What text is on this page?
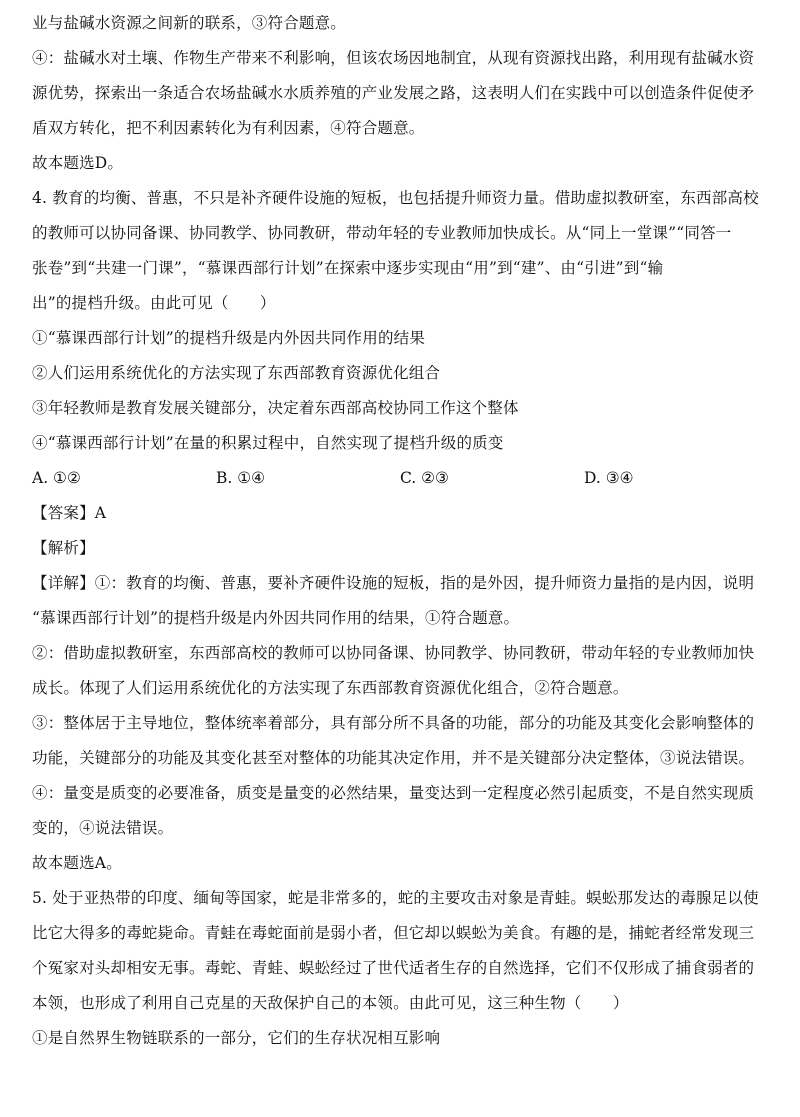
业与盐碱水资源之间新的联系，③符合题意。
④：盐碱水对土壤、作物生产带来不利影响，但该农场因地制宜，从现有资源找出路，利用现有盐碱水资
源优势，探索出一条适合农场盐碱水水质养殖的产业发展之路，这表明人们在实践中可以创造条件促使矛
盾双方转化，把不利因素转化为有利因素，④符合题意。
故本题选D。
4. 教育的均衡、普惠，不只是补齐硬件设施的短板，也包括提升师资力量。借助虚拟教研室，东西部高校
的教师可以协同备课、协同教学、协同教研，带动年轻的专业教师加快成长。从“同上一堂课”“同答一
张卷”到“共建一门课”，“慕课西部行计划”在探索中逐步实现由“用”到“建”、由“引进”到“输
出”的提档升级。由此可见（　　）
①“慕课西部行计划”的提档升级是内外因共同作用的结果
②人们运用系统优化的方法实现了东西部教育资源优化组合
③年轻教师是教育发展关键部分，决定着东西部高校协同工作这个整体
④“慕课西部行计划”在量的积累过程中，自然实现了提档升级的质变
A. ①②	B. ①④	C. ②③	D. ③④
【答案】A
【解析】
【详解】①：教育的均衡、普惠，要补齐硬件设施的短板，指的是外因，提升师资力量指的是内因，说明
“慕课西部行计划”的提档升级是内外因共同作用的结果，①符合题意。
②：借助虚拟教研室，东西部高校的教师可以协同备课、协同教学、协同教研，带动年轻的专业教师加快
成长。体现了人们运用系统优化的方法实现了东西部教育资源优化组合，②符合题意。
③：整体居于主导地位，整体统率着部分，具有部分所不具备的功能，部分的功能及其变化会影响整体的
功能，关键部分的功能及其变化甚至对整体的功能其决定作用，并不是关键部分决定整体，③说法错误。
④：量变是质变的必要准备，质变是量变的必然结果，量变达到一定程度必然引起质变，不是自然实现质
变的，④说法错误。
故本题选A。
5. 处于亚热带的印度、缅甸等国家，蛇是非常多的，蛇的主要攻击对象是青蛙。蜈蚣那发达的毒腺足以使
比它大得多的毒蛇毙命。青蛙在毒蛇面前是弱小者，但它却以蜈蚣为美食。有趣的是，捕蛇者经常发现三
个冤家对头却相安无事。毒蛇、青蛙、蜈蚣经过了世代适者生存的自然选择，它们不仅形成了捕食弱者的
本领，也形成了利用自己克星的天敌保护自己的本领。由此可见，这三种生物（　　）
①是自然界生物链联系的一部分，它们的生存状况相互影响
